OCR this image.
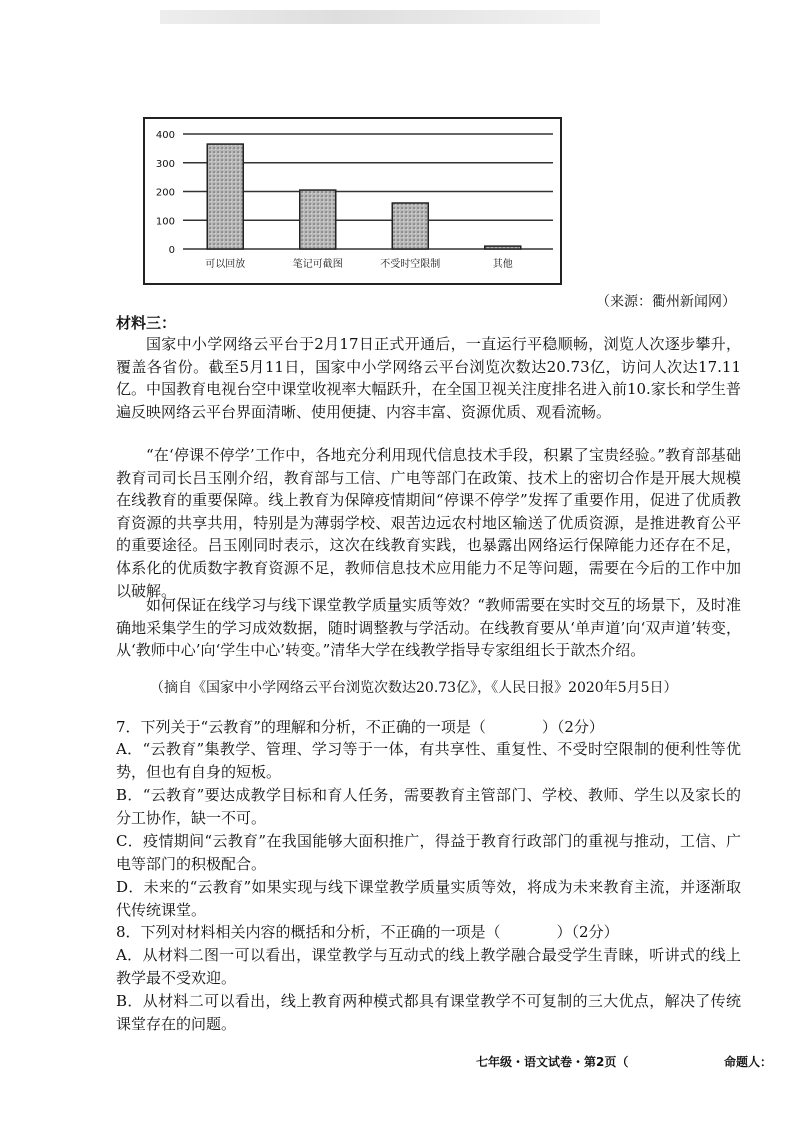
400
300
200
100
0
可以回放	笔记可截图	不受时空限制	其他
（来源：衢州新闻网）
材料三：

国家中小学网络云平台于2月17日正式开通后，一直运行平稳顺畅，浏览人次逐步攀升，覆盖各省份。截至5月11日，国家中小学网络云平台浏览次数达20.73亿，访问人次达17.11亿。中国教育电视台空中课堂收视率大幅跃升，在全国卫视关注度排名进入前10.家长和学生普遍反映网络云平台界面清晰、使用便捷、内容丰富、资源优质、观看流畅。

“在‘停课不停学’工作中，各地充分利用现代信息技术手段，积累了宝贵经验。”教育部基础教育司司长吕玉刚介绍，教育部与工信、广电等部门在政策、技术上的密切合作是开展大规模在线教育的重要保障。线上教育为保障疫情期间“停课不停学”发挥了重要作用，促进了优质教育资源的共享共用，特别是为薄弱学校、艰苦边远农村地区输送了优质资源，是推进教育公平的重要途径。吕玉刚同时表示，这次在线教育实践，也暴露出网络运行保障能力还存在不足，体系化的优质数字教育资源不足，教师信息技术应用能力不足等问题，需要在今后的工作中加以破解。

如何保证在线学习与线下课堂教学质量实质等效？“教师需要在实时交互的场景下，及时准确地采集学生的学习成效数据，随时调整教与学活动。在线教育要从‘单声道’向‘双声道’转变，从‘教师中心’向‘学生中心’转变。”清华大学在线教学指导专家组组长于歆杰介绍。

（摘自《国家中小学网络云平台浏览次数达20.73亿》，《人民日报》2020年5月5日）

7．下列关于“云教育”的理解和分析，不正确的一项是（	）（2分）

A．“云教育”集教学、管理、学习等于一体，有共享性、重复性、不受时空限制的便利性等优势，但也有自身的短板。

B．“云教育”要达成教学目标和育人任务，需要教育主管部门、学校、教师、学生以及家长的分工协作，缺一不可。

C．疫情期间“云教育”在我国能够大面积推广，得益于教育行政部门的重视与推动，工信、广电等部门的积极配合。

D．未来的“云教育”如果实现与线下课堂教学质量实质等效，将成为未来教育主流，并逐渐取代传统课堂。

8．下列对材料相关内容的概括和分析，不正确的一项是（	）（2分）

A．从材料二图一可以看出，课堂教学与互动式的线上教学融合最受学生青睐，听讲式的线上教学最不受欢迎。

B．从材料二可以看出，线上教育两种模式都具有课堂教学不可复制的三大优点，解决了传统课堂存在的问题。

七年级・语文试卷・第2页（	命题人：
